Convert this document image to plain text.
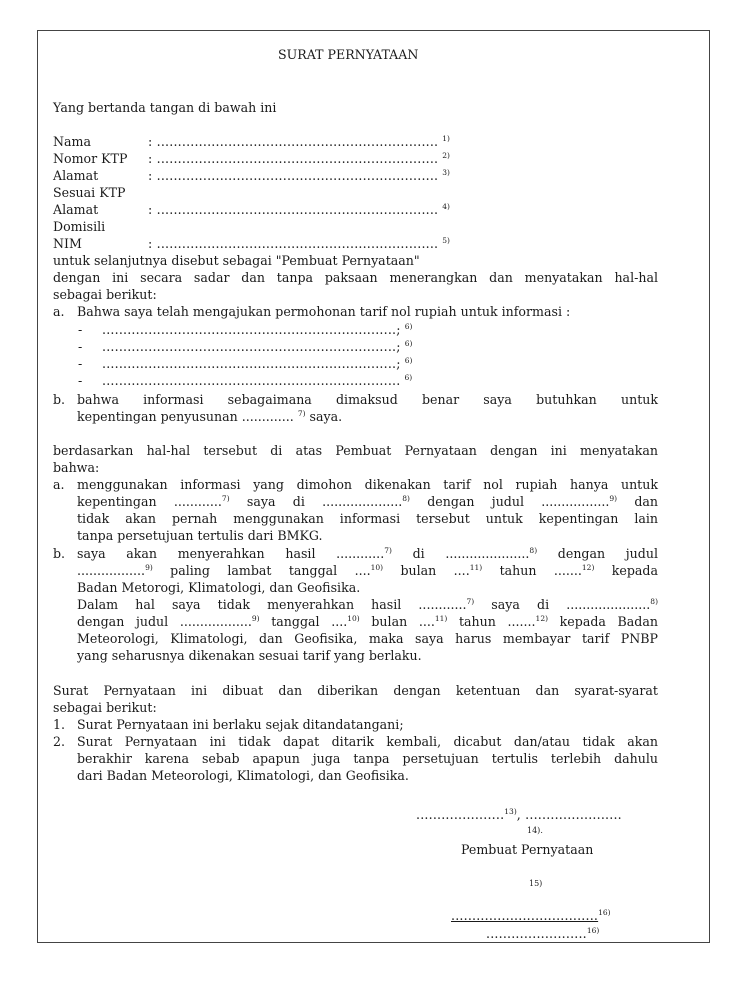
SURAT PERNYATAAN
Yang bertanda tangan di bawah ini
Nama	: ................................................................... $^{1)}$
Nomor KTP : ................................................................... $^{2)}$
Alamat	: ................................................................... $^{3)}$
Sesuai KTP
Alamat	: ................................................................... $^{4)}$
Domisili
NIM	: ................................................................... $^{5)}$
untuk selanjutnya disebut sebagai "Pembuat Pernyataan"
dengan ini secara sadar dan tanpa paksaan menerangkan dan menyatakan hal-hal
sebagai berikut:
a. Bahwa saya telah mengajukan permohonan tarif nol rupiah untuk informasi :
- ......................................................................; $^{6)}$
- ......................................................................; $^{6)}$
- ......................................................................; $^{6)}$
- ....................................................................... $^{6)}$
b. bahwa informasi sebagaimana dimaksud benar saya butuhkan untuk
kepentingan penyusunan ............. $^{7)}$ saya.
berdasarkan hal-hal tersebut di atas Pembuat Pernyataan dengan ini menyatakan
bahwa:
a. menggunakan informasi yang dimohon dikenakan tarif nol rupiah hanya untuk
kepentingan ............$^{7)}$ saya di ....................$^{8)}$ dengan judul .................$^{9)}$ dan
tidak akan pernah menggunakan informasi tersebut untuk kepentingan lain
tanpa persetujuan tertulis dari BMKG.
b. saya akan menyerahkan hasil ............$^{7)}$ di .....................$^{8)}$ dengan judul
.................$^{9)}$ paling lambat tanggal ....$^{10)}$ bulan ....$^{11)}$ tahun .......$^{12)}$ kepada
Badan Metorogi, Klimatologi, dan Geofisika.
Dalam hal saya tidak menyerahkan hasil ............$^{7)}$ saya di .....................$^{8)}$
dengan judul ..................$^{9)}$ tanggal ....$^{10)}$ bulan ....$^{11)}$ tahun .......$^{12)}$ kepada Badan
Meteorologi, Klimatologi, dan Geofisika, maka saya harus membayar tarif PNBP
yang seharusnya dikenakan sesuai tarif yang berlaku.
Surat Pernyataan ini dibuat dan diberikan dengan ketentuan dan syarat-syarat
sebagai berikut:
1. Surat Pernyataan ini berlaku sejak ditandatangani;
2. Surat Pernyataan ini tidak dapat ditarik kembali, dicabut dan/atau tidak akan
berakhir karena sebab apapun juga tanpa persetujuan tertulis terlebih dahulu
dari Badan Meteorologi, Klimatologi, dan Geofisika.
.....................$^{13)}$, .......................
14).
Pembuat Pernyataan
15)
...................................$^{16)}$
........................$^{16)}$
